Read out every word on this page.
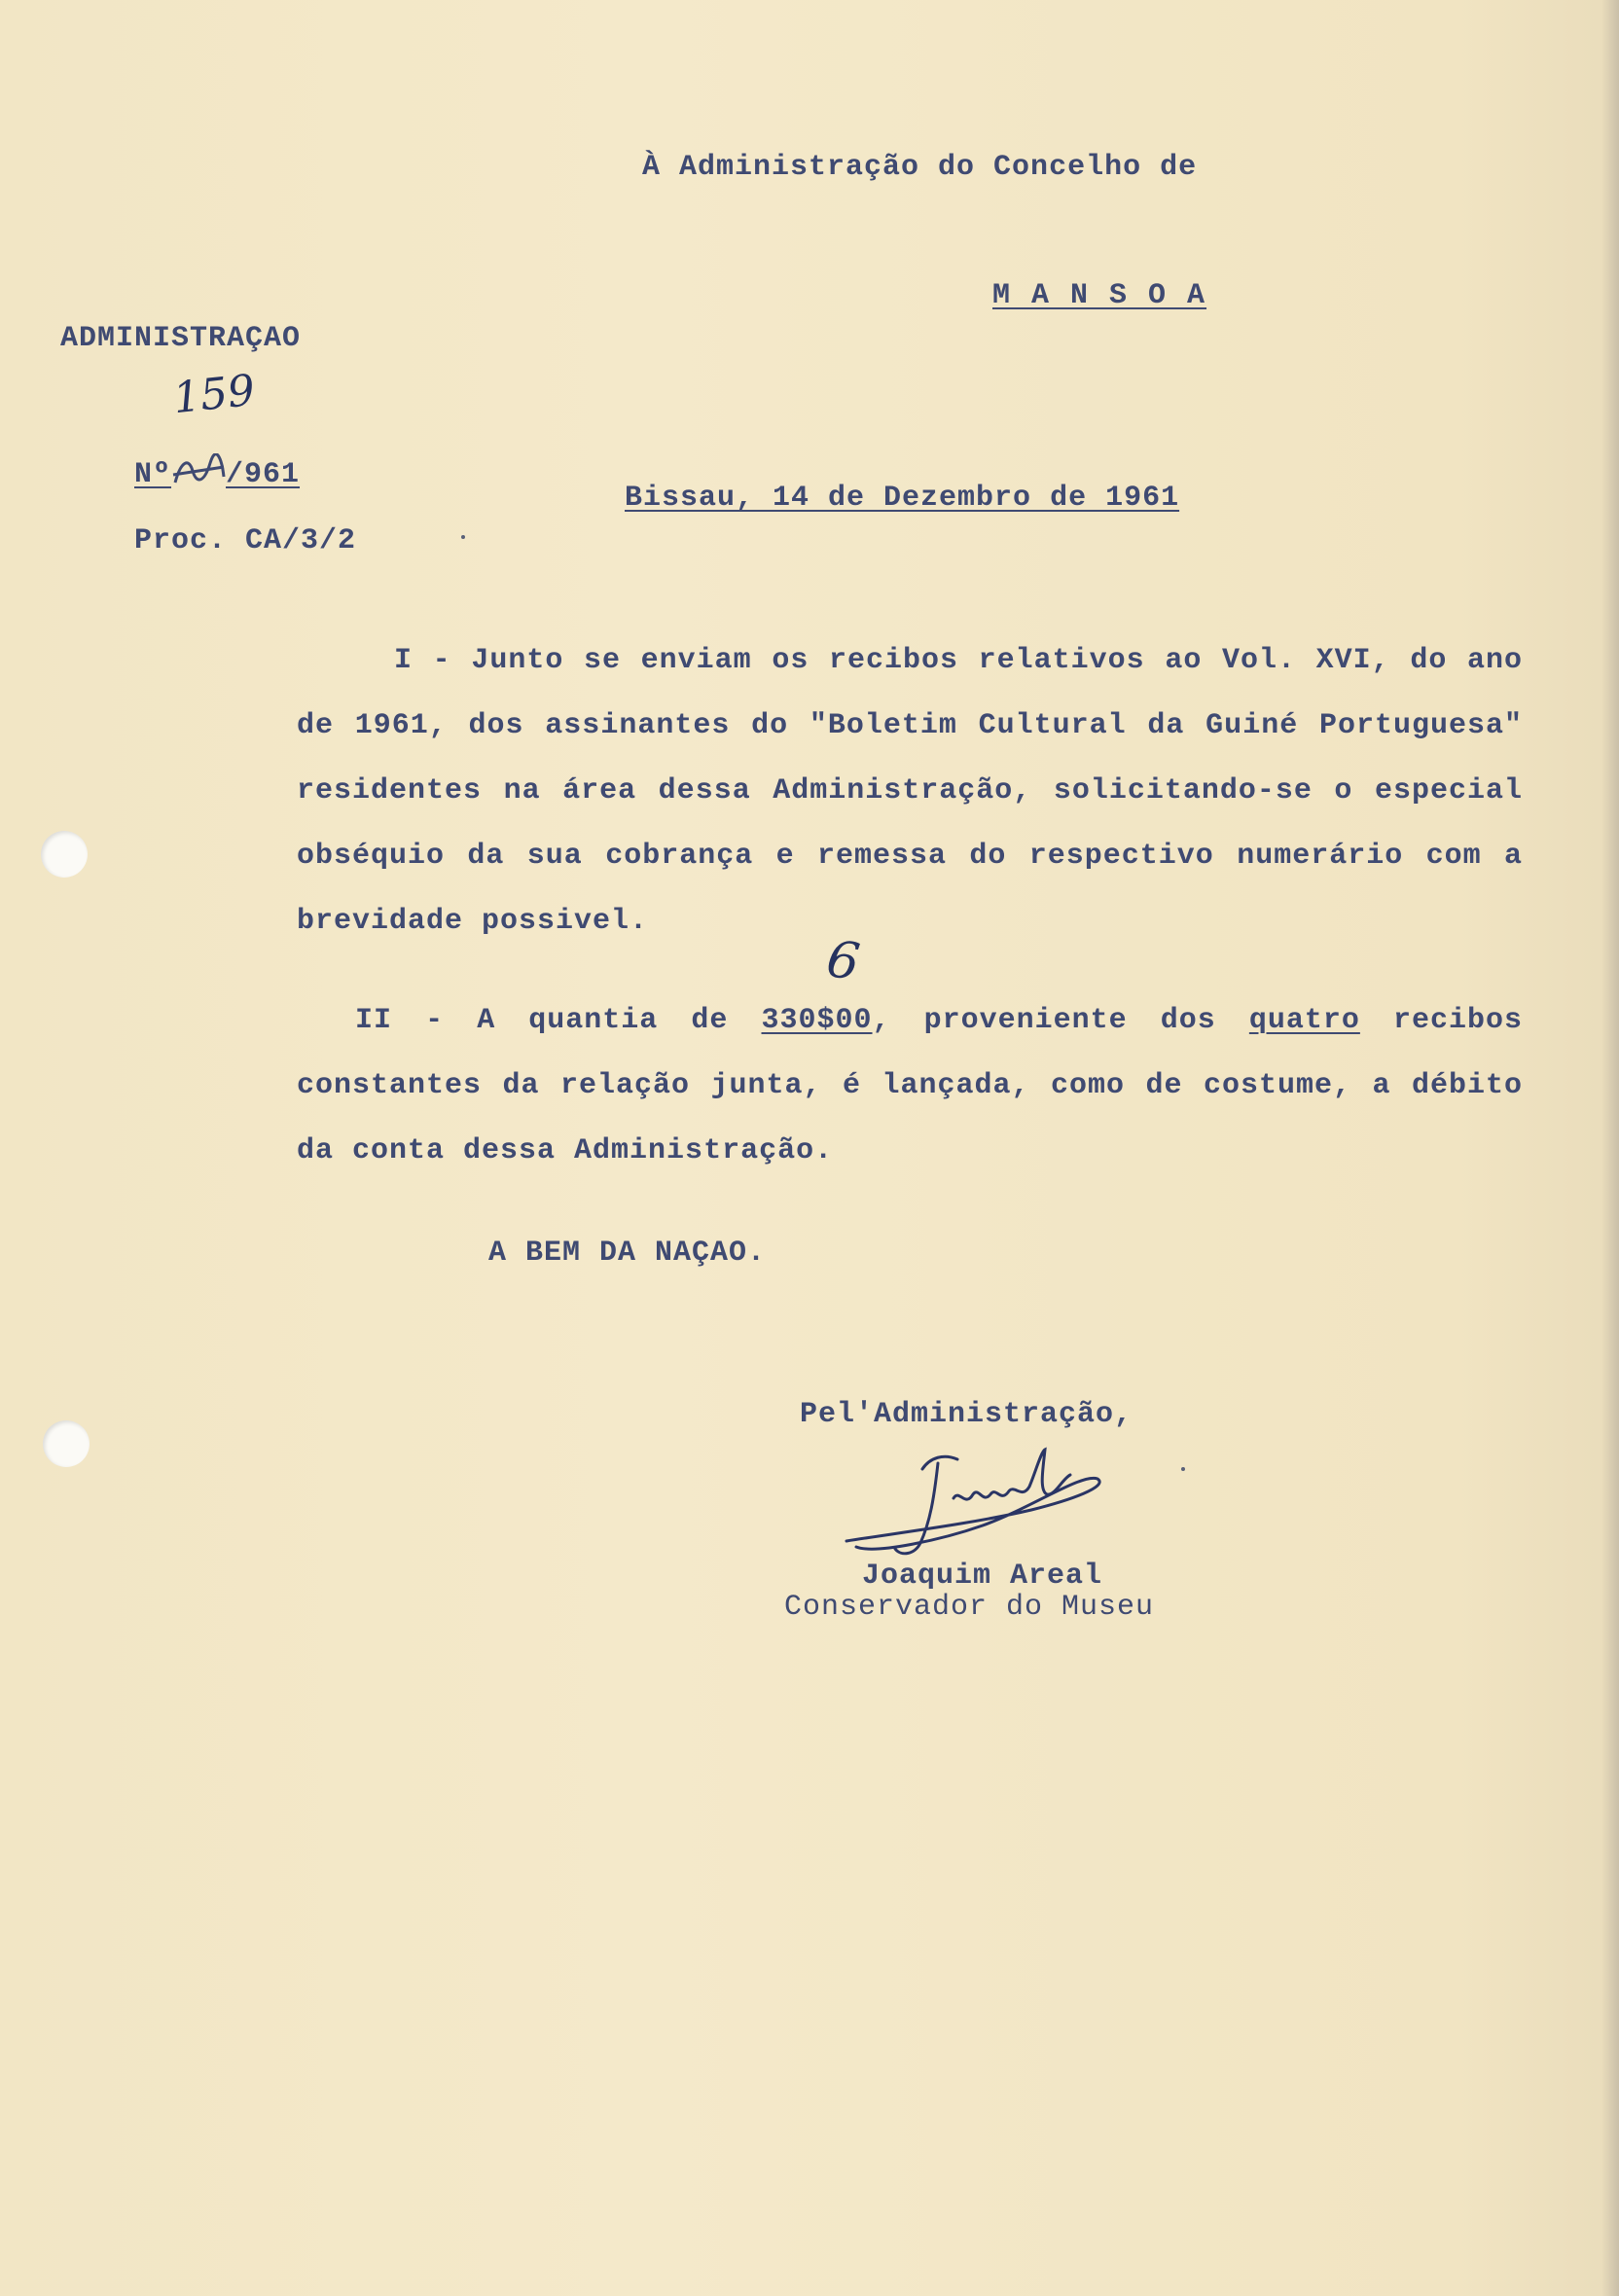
À Administração do Concelho de
M A N S O A
ADMINISTRAÇAO
159
Nº /961
Proc. CA/3/2
Bissau, 14 de Dezembro de 1961
I - Junto se enviam os recibos relativos ao Vol. XVI, do ano de 1961, dos assinantes do "Boletim Cultural da Guiné Portuguesa" residentes na área dessa Administração, solicitando-se o especial obséquio da sua cobrança e remessa do respectivo numerário com a brevidade possivel.
6
II - A quantia de 330$00, proveniente dos quatro recibos constantes da relação junta, é lançada, como de costume, a débito da conta dessa Administração.
A BEM DA NAÇAO.
Pel'Administração,
Joaquim Areal
Conservador do Museu
